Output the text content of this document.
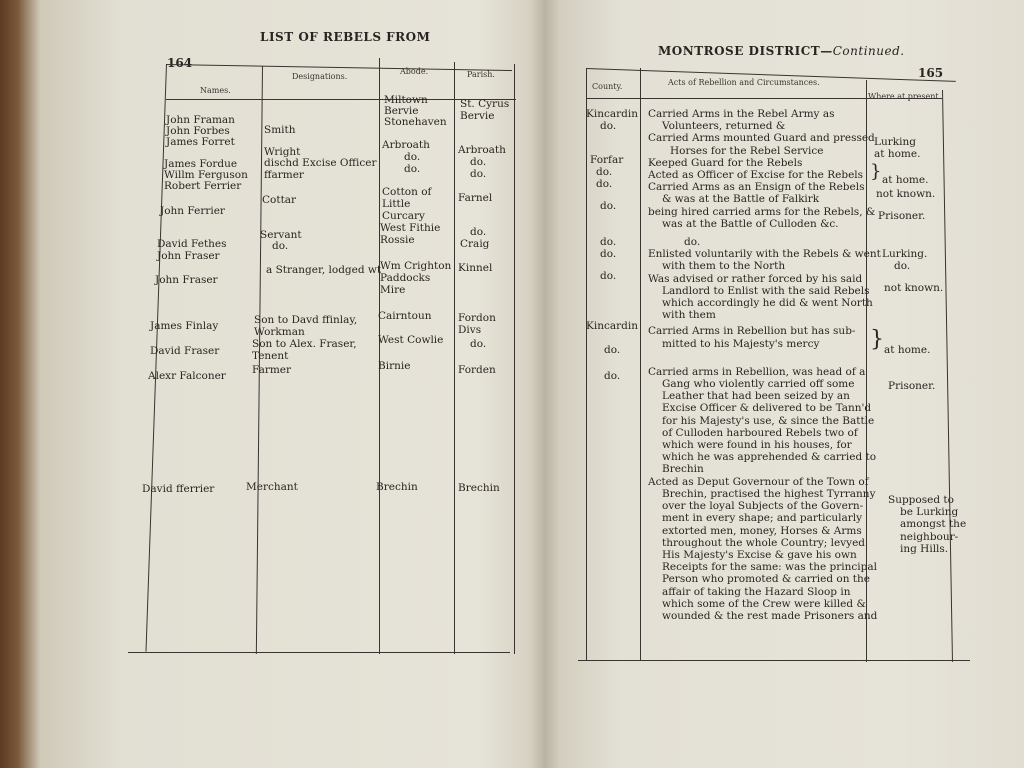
164
LIST OF REBELS FROM
Names.
Designations.
Abode.	Parish.
John Framan
John Forbes
James Forret
James Fordue
Willm Ferguson
Robert Ferrier
John Ferrier
David Fethes
John Fraser
John Fraser
James Finlay
David Fraser
Alexr Falconer
David fferrier
Smith
Wright
dischd Excise Officer
ffarmer
Cottar
Servant
do.
a Stranger, lodged wt
Son to Davd ffinlay, Workman
Son to Alex. Fraser, Tenent
Farmer
Merchant
Miltown
Bervie
Stonehaven
Arbroath
do.
do.
Cotton of Little Curcary
West Fithie
Rossie
Wm Crighton Paddocks Mire
Cairntoun
West Cowlie
Birnie
Brechin
St. Cyrus
Bervie
Arbroath
do.
do.
Farnel
do.
Craig
Kinnel
Fordon Divs
do.
Forden
Brechin
MONTROSE DISTRICT—Continued.
165
County.	Acts of Rebellion and Circumstances.
Where at present.
Kincardin
do.
Forfar
do.
do.
do.
do.
do.
do.
Kincardin
do.
do.
Carried Arms in the Rebel Army as
Volunteers, returned &
Carried Arms mounted Guard and pressed
Horses for the Rebel Service
Keeped Guard for the Rebels
Acted as Officer of Excise for the Rebels
Carried Arms as an Ensign of the Rebels
& was at the Battle of Falkirk
being hired carried arms for the Rebels, &
was at the Battle of Culloden &c.
do.
Enlisted voluntarily with the Rebels & went
with them to the North
Was advised or rather forced by his said
Landlord to Enlist with the said Rebels
which accordingly he did & went North
with them
Carried Arms in Rebellion but has sub-
mitted to his Majesty's mercy
Carried arms in Rebellion, was head of a
Gang who violently carried off some
Leather that had been seized by an
Excise Officer & delivered to be Tann'd
for his Majesty's use, & since the Battle
of Culloden harboured Rebels two of
which were found in his houses, for
which he was apprehended & carried to
Brechin
Acted as Deput Governour of the Town of
Brechin, practised the highest Tyrranny
over the loyal Subjects of the Govern-
ment in every shape; and particularly
extorted men, money, Horses & Arms
throughout the whole Country; levyed
His Majesty's Excise & gave his own
Receipts for the same: was the principal
Person who promoted & carried on the
affair of taking the Hazard Sloop in
which some of the Crew were killed &
wounded & the rest made Prisoners and
Lurking
at home.
} at home.
not known.
Prisoner.
Lurking.
do.
not known.
} at home.
Prisoner.
Supposed to
be Lurking
amongst the
neighbour-
ing Hills.
